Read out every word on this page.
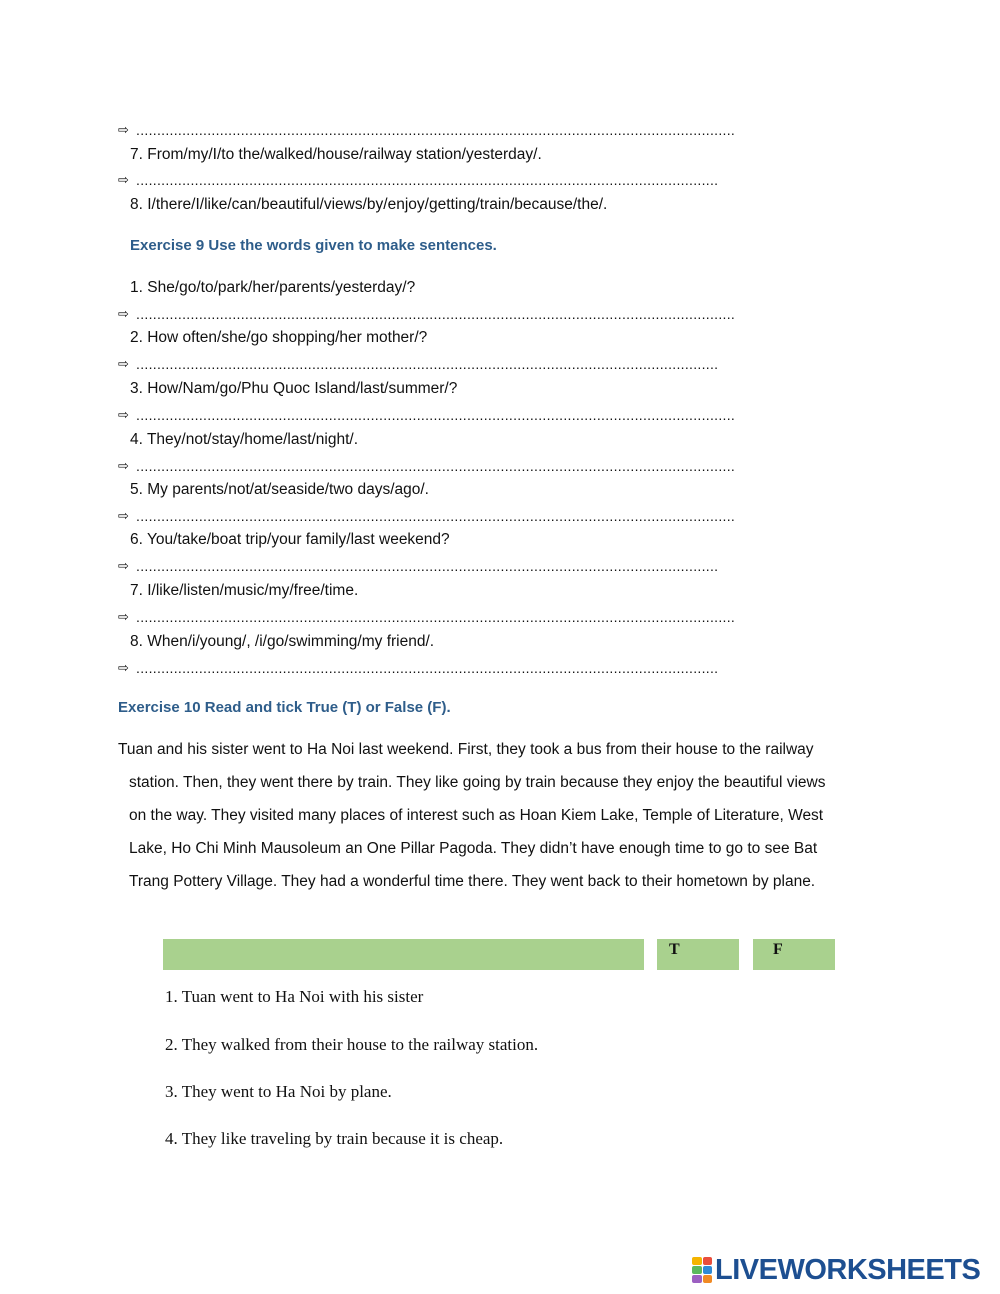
⇨ ...............................................................................................................................................
7. From/my/I/to the/walked/house/railway station/yesterday/.
⇨ ...........................................................................................................................................
8. I/there/I/like/can/beautiful/views/by/enjoy/getting/train/because/the/.
Exercise 9 Use the words given to make sentences.
1. She/go/to/park/her/parents/yesterday/?
⇨ ...............................................................................................................................................
2. How often/she/go shopping/her mother/?
⇨ ...........................................................................................................................................
3. How/Nam/go/Phu Quoc Island/last/summer/?
⇨ ...............................................................................................................................................
4. They/not/stay/home/last/night/.
⇨ ...............................................................................................................................................
5. My parents/not/at/seaside/two days/ago/.
⇨ ...............................................................................................................................................
6. You/take/boat trip/your family/last weekend?
⇨ ...........................................................................................................................................
7. I/like/listen/music/my/free/time.
⇨ ...............................................................................................................................................
8. When/i/young/, /i/go/swimming/my friend/.
⇨ ...........................................................................................................................................
Exercise 10 Read and tick True (T) or False (F).
Tuan and his sister went to Ha Noi last weekend. First, they took a bus from their house to the railway
station. Then, they went there by train. They like going by train because they enjoy the beautiful views
on the way. They visited many places of interest such as Hoan Kiem Lake, Temple of Literature, West
Lake, Ho Chi Minh Mausoleum an One Pillar Pagoda. They didn’t have enough time to go to see Bat
Trang Pottery Village. They had a wonderful time there. They went back to their hometown by plane.
T	F
1. Tuan went to Ha Noi with his sister
2. They walked from their house to the railway station.
3. They went to Ha Noi by plane.
4. They like traveling by train because it is cheap.
LIVEWORKSHEETS
